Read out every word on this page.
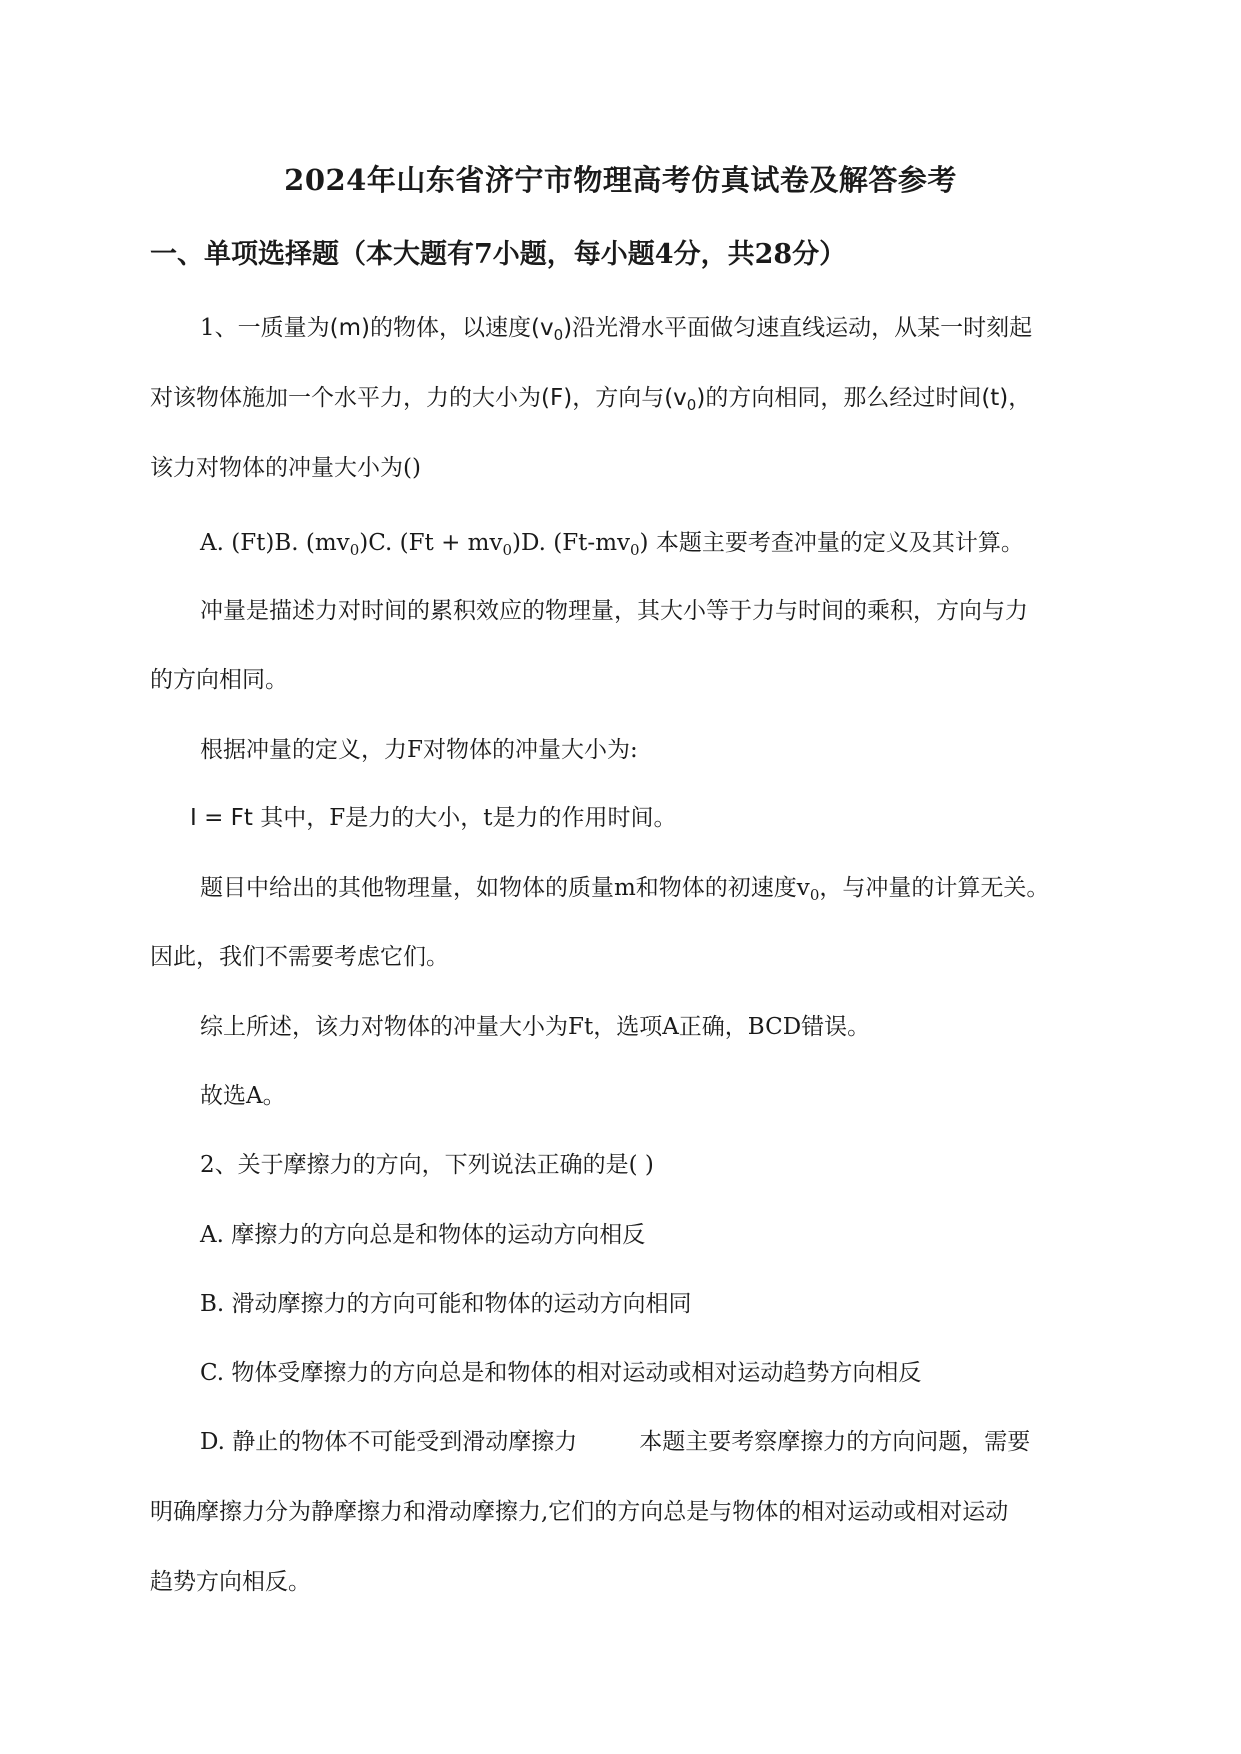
2024年山东省济宁市物理高考仿真试卷及解答参考
一、单项选择题（本大题有7小题，每小题4分，共28分）
1、一质量为(m)的物体，以速度$(v_0)$沿光滑水平面做匀速直线运动，从某一时刻起
对该物体施加一个水平力，力的大小为(F)，方向与$(v_0)$的方向相同，那么经过时间(t)，
该力对物体的冲量大小为()
A. (Ft)B. $(mv_0)C$. $(Ft + mv_0)D$. $(Ft-mv_0)$ 本题主要考查冲量的定义及其计算。
冲量是描述力对时间的累积效应的物理量，其大小等于力与时间的乘积，方向与力
的方向相同。
根据冲量的定义，力F对物体的冲量大小为:
I = Ft 其中，F是力的大小，t是力的作用时间。
题目中给出的其他物理量，如物体的质量m和物体的初速度$v_0$，与冲量的计算无关。
因此，我们不需要考虑它们。
综上所述，该力对物体的冲量大小为Ft，选项A正确，BCD错误。
故选A。
2、关于摩擦力的方向，下列说法正确的是( )
A. 摩擦力的方向总是和物体的运动方向相反
B. 滑动摩擦力的方向可能和物体的运动方向相同
C. 物体受摩擦力的方向总是和物体的相对运动或相对运动趋势方向相反
D. 静止的物体不可能受到滑动摩擦力	本题主要考察摩擦力的方向问题，需要
明确摩擦力分为静摩擦力和滑动摩擦力,它们的方向总是与物体的相对运动或相对运动
趋势方向相反。
